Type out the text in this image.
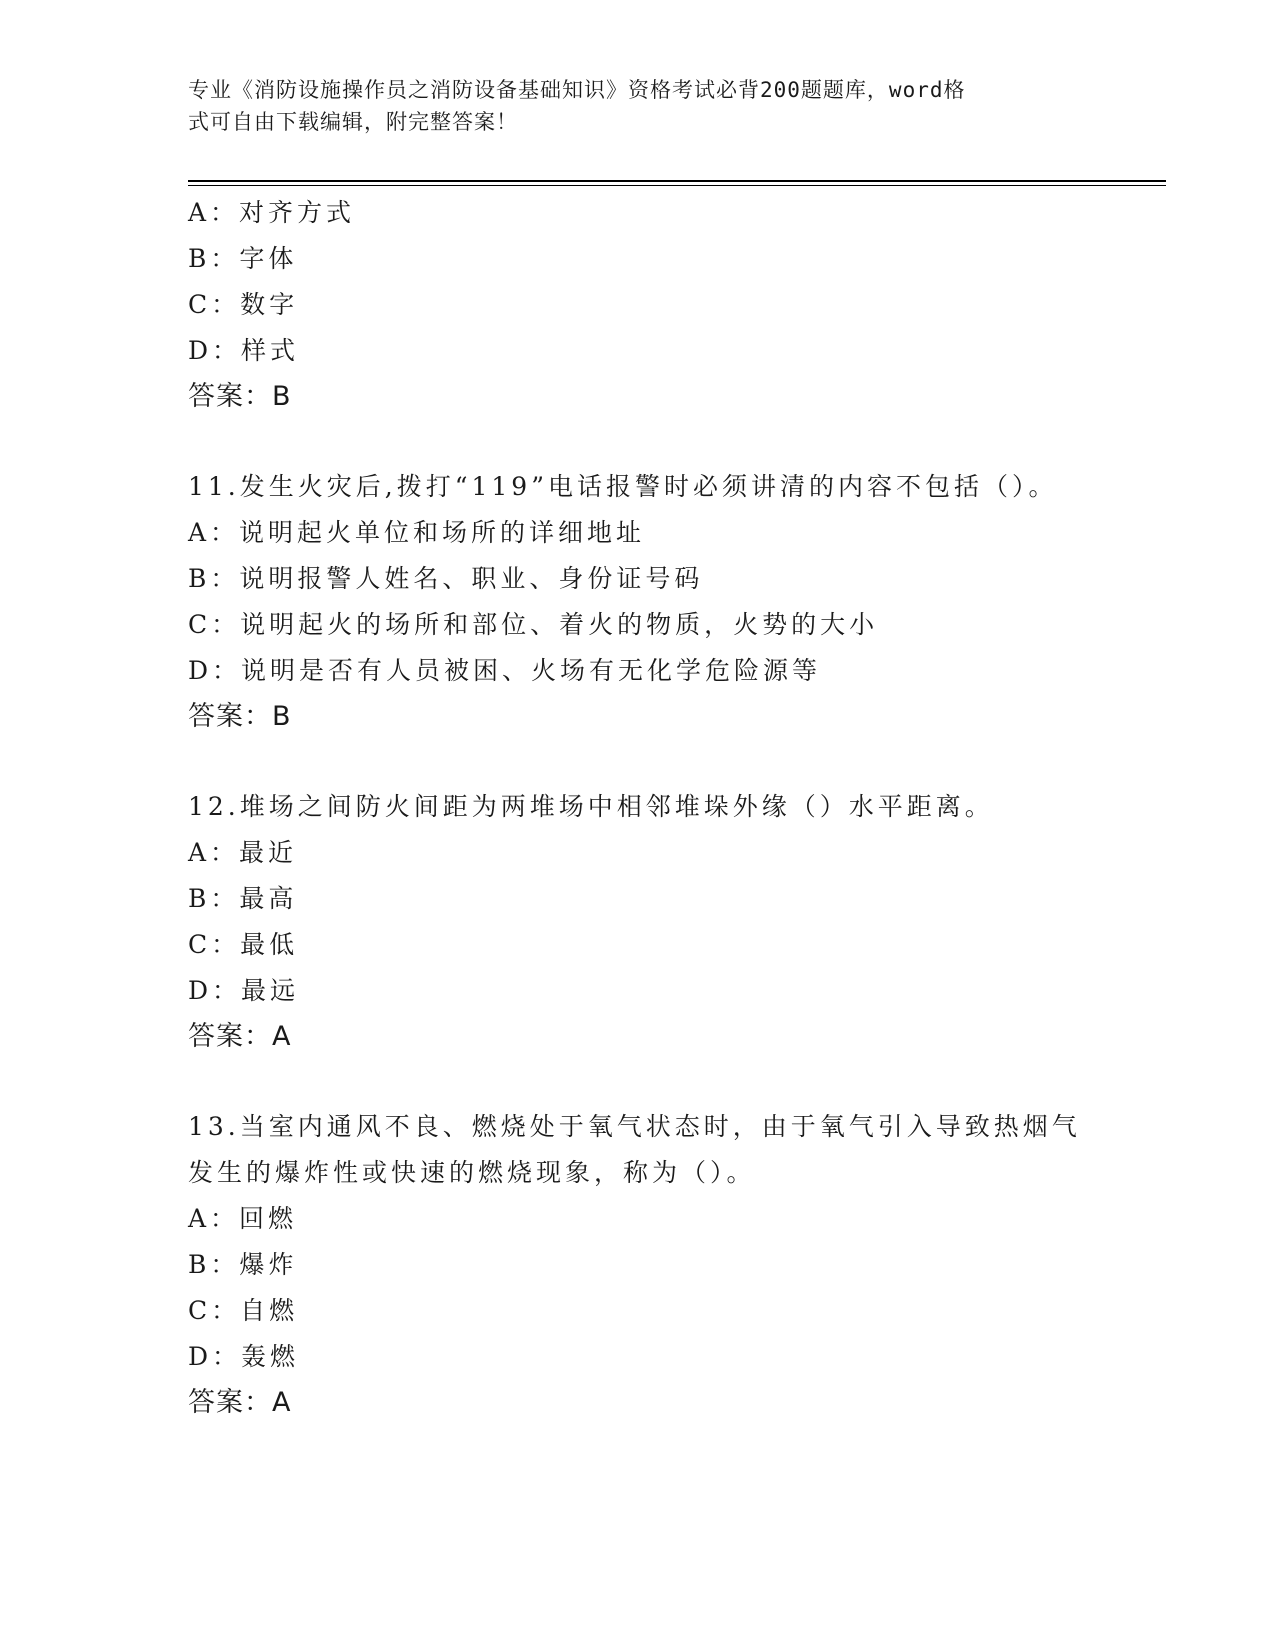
专业《消防设施操作员之消防设备基础知识》资格考试必背200题题库，word格
式可自由下载编辑，附完整答案！
A：对齐方式
B：字体
C：数字
D：样式
答案：B
11.发生火灾后,拨打“119”电话报警时必须讲清的内容不包括（）。
A：说明起火单位和场所的详细地址
B：说明报警人姓名、职业、身份证号码
C：说明起火的场所和部位、着火的物质，火势的大小
D：说明是否有人员被困、火场有无化学危险源等
答案：B
12.堆场之间防火间距为两堆场中相邻堆垛外缘（）水平距离。
A：最近
B：最高
C：最低
D：最远
答案：A
13.当室内通风不良、燃烧处于氧气状态时，由于氧气引入导致热烟气
发生的爆炸性或快速的燃烧现象，称为（）。
A：回燃
B：爆炸
C：自燃
D：轰燃
答案：A
